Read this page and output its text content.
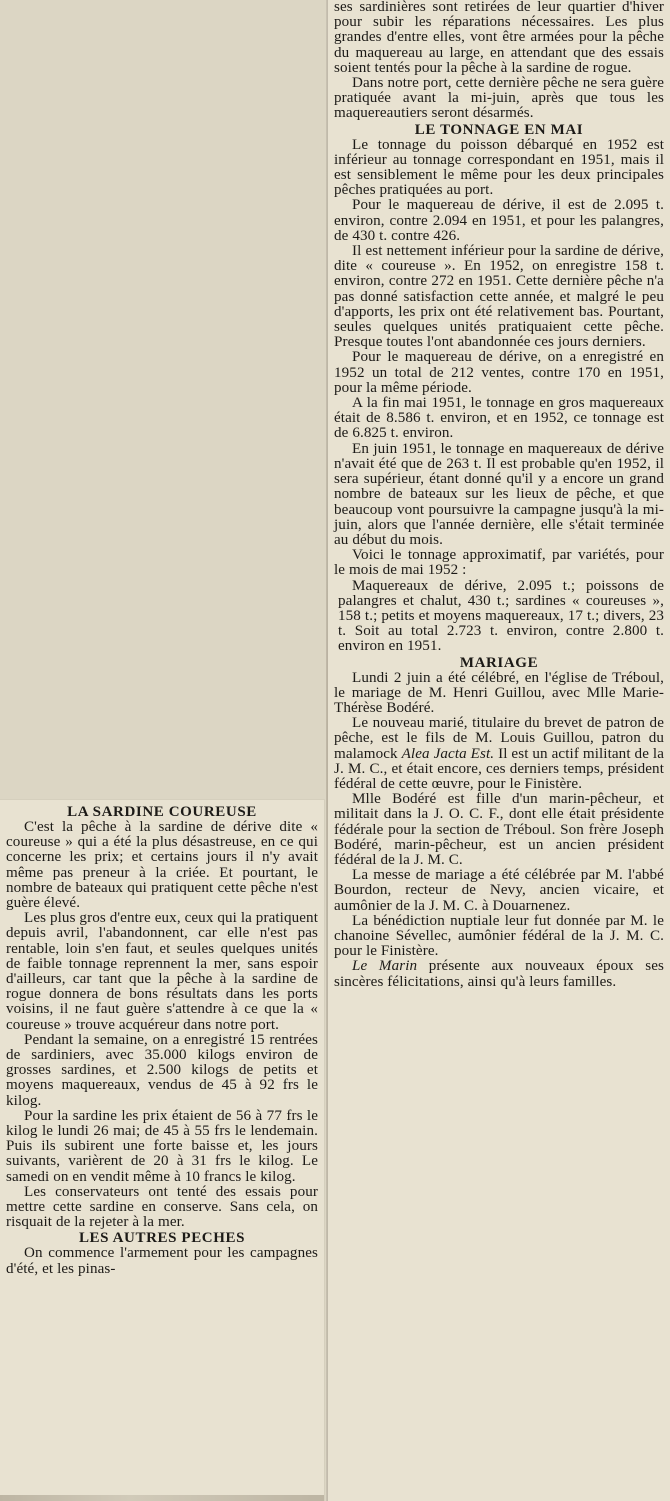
LA SARDINE COUREUSE

C'est la pêche à la sardine de dérive dite « coureuse » qui a été la plus désastreuse, en ce qui concerne les prix; et certains jours il n'y avait même pas preneur à la criée. Et pourtant, le nombre de bateaux qui pratiquent cette pêche n'est guère élevé.

Les plus gros d'entre eux, ceux qui la pratiquent depuis avril, l'abandonnent, car elle n'est pas rentable, loin s'en faut, et seules quelques unités de faible tonnage reprennent la mer, sans espoir d'ailleurs, car tant que la pêche à la sardine de rogue donnera de bons résultats dans les ports voisins, il ne faut guère s'attendre à ce que la « coureuse » trouve acquéreur dans notre port.

Pendant la semaine, on a enregistré 15 rentrées de sardiniers, avec 35.000 kilogs environ de grosses sardines, et 2.500 kilogs de petits et moyens maquereaux, vendus de 45 à 92 frs le kilog.

Pour la sardine les prix étaient de 56 à 77 frs le kilog le lundi 26 mai; de 45 à 55 frs le lendemain. Puis ils subirent une forte baisse et, les jours suivants, varièrent de 20 à 31 frs le kilog. Le samedi on en vendit même à 10 francs le kilog.

Les conservateurs ont tenté des essais pour mettre cette sardine en conserve. Sans cela, on risquait de la rejeter à la mer.

LES AUTRES PECHES

On commence l'armement pour les campagnes d'été, et les pinas-

ses sardinières sont retirées de leur quartier d'hiver pour subir les réparations nécessaires. Les plus grandes d'entre elles, vont être armées pour la pêche du maquereau au large, en attendant que des essais soient tentés pour la pêche à la sardine de rogue.

Dans notre port, cette dernière pêche ne sera guère pratiquée avant la mi-juin, après que tous les maquereautiers seront désarmés.

LE TONNAGE EN MAI

Le tonnage du poisson débarqué en 1952 est inférieur au tonnage correspondant en 1951, mais il est sensiblement le même pour les deux principales pêches pratiquées au port.

Pour le maquereau de dérive, il est de 2.095 t. environ, contre 2.094 en 1951, et pour les palangres, de 430 t. contre 426.

Il est nettement inférieur pour la sardine de dérive, dite « coureuse ». En 1952, on enregistre 158 t. environ, contre 272 en 1951. Cette dernière pêche n'a pas donné satisfaction cette année, et malgré le peu d'apports, les prix ont été relativement bas. Pourtant, seules quelques unités pratiquaient cette pêche. Presque toutes l'ont abandonnée ces jours derniers.

Pour le maquereau de dérive, on a enregistré en 1952 un total de 212 ventes, contre 170 en 1951, pour la même période.

A la fin mai 1951, le tonnage en gros maquereaux était de 8.586 t. environ, et en 1952, ce tonnage est de 6.825 t. environ.

En juin 1951, le tonnage en maquereaux de dérive n'avait été que de 263 t. Il est probable qu'en 1952, il sera supérieur, étant donné qu'il y a encore un grand nombre de bateaux sur les lieux de pêche, et que beaucoup vont poursuivre la campagne jusqu'à la mi-juin, alors que l'année dernière, elle s'était terminée au début du mois.

Voici le tonnage approximatif, par variétés, pour le mois de mai 1952 :

Maquereaux de dérive, 2.095 t.; poissons de palangres et chalut, 430 t.; sardines « coureuses », 158 t.; petits et moyens maquereaux, 17 t.; divers, 23 t. Soit au total 2.723 t. environ, contre 2.800 t. environ en 1951.

MARIAGE

Lundi 2 juin a été célébré, en l'église de Tréboul, le mariage de M. Henri Guillou, avec Mlle Marie-Thérèse Bodéré.

Le nouveau marié, titulaire du brevet de patron de pêche, est le fils de M. Louis Guillou, patron du malamock Alea Jacta Est. Il est un actif militant de la J. M. C., et était encore, ces derniers temps, président fédéral de cette œuvre, pour le Finistère.

Mlle Bodéré est fille d'un marin-pêcheur, et militait dans la J. O. C. F., dont elle était présidente fédérale pour la section de Tréboul. Son frère Joseph Bodéré, marin-pêcheur, est un ancien président fédéral de la J. M. C.

La messe de mariage a été célébrée par M. l'abbé Bourdon, recteur de Nevy, ancien vicaire, et aumônier de la J. M. C. à Douarnenez.

La bénédiction nuptiale leur fut donnée par M. le chanoine Sévellec, aumônier fédéral de la J. M. C. pour le Finistère.

Le Marin présente aux nouveaux époux ses sincères félicitations, ainsi qu'à leurs familles.
